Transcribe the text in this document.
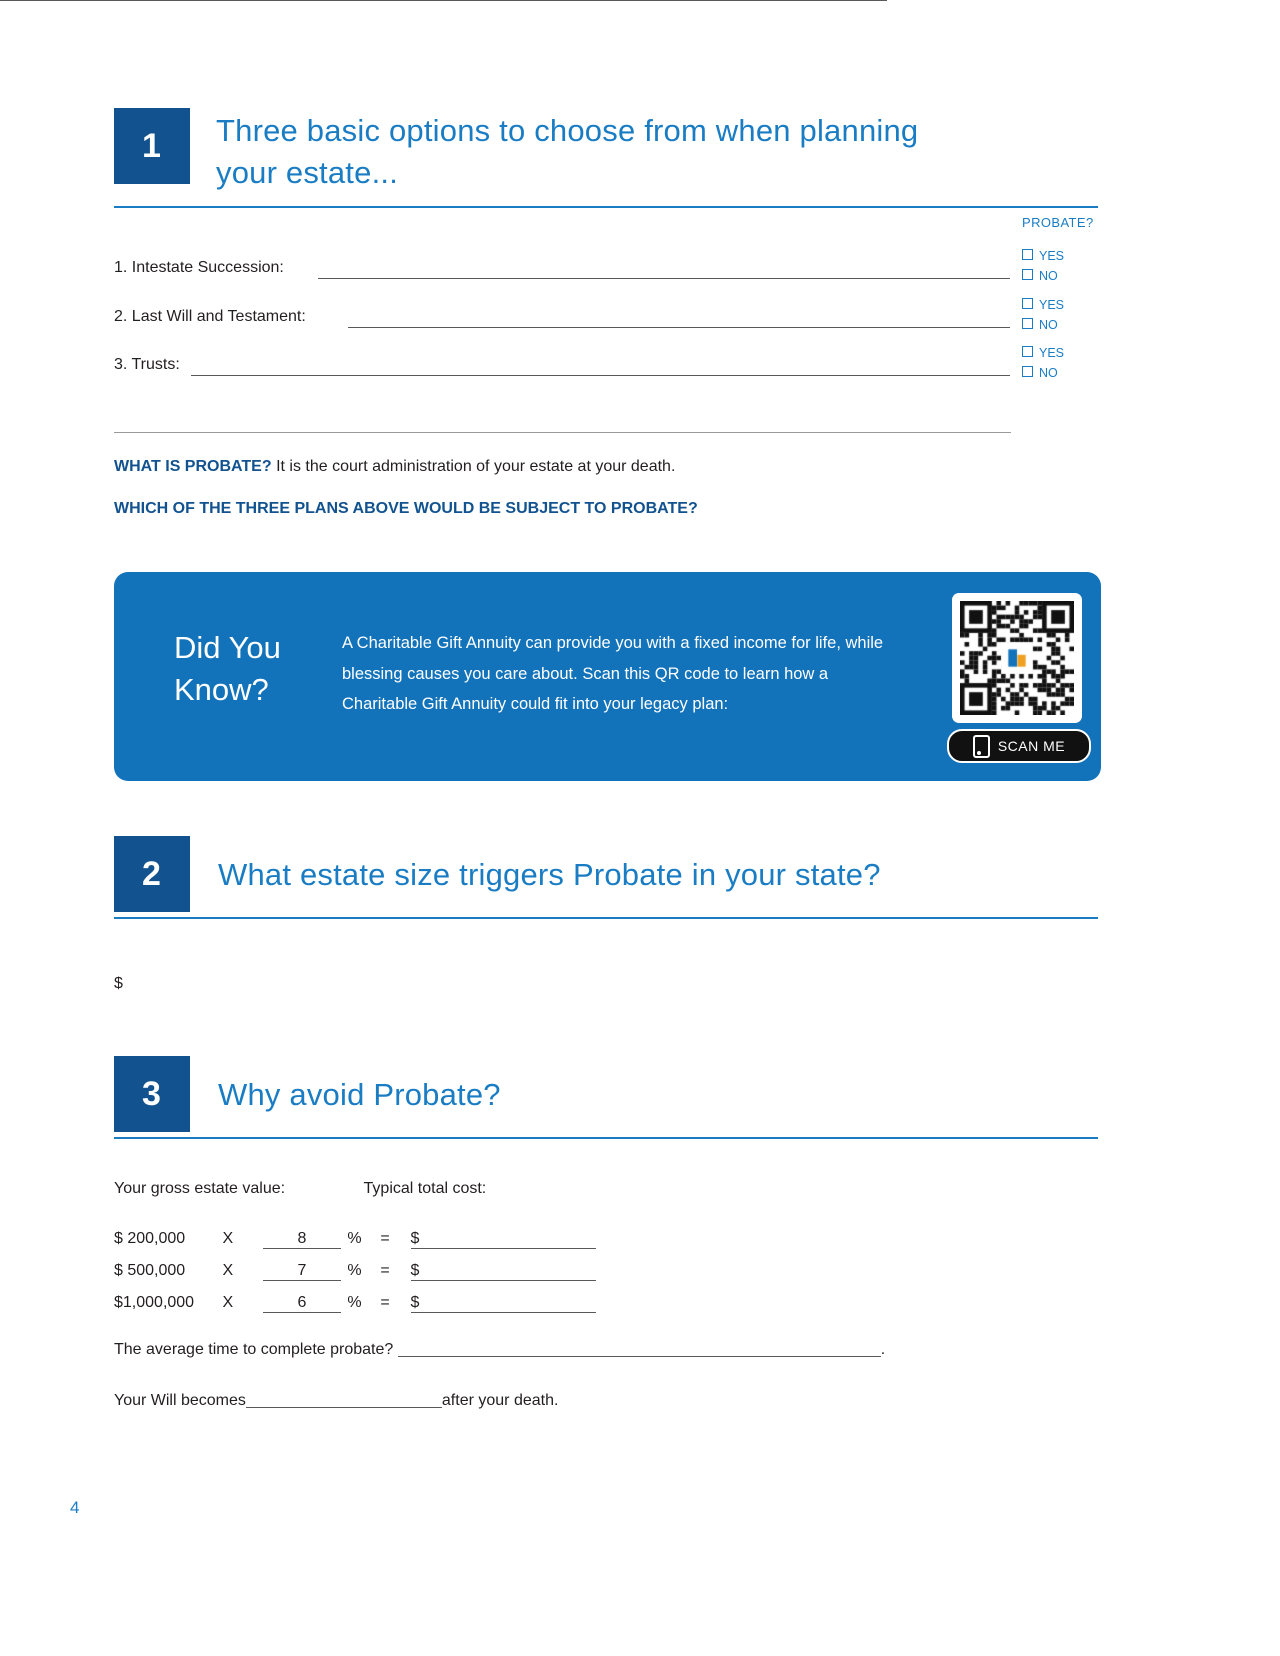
1	Three basic options to choose from when planning your estate...
PROBATE?
1. Intestate Succession:
YES
NO
2. Last Will and Testament:
YES
NO
3. Trusts:
YES
NO
WHAT IS PROBATE? It is the court administration of your estate at your death.
WHICH OF THE THREE PLANS ABOVE WOULD BE SUBJECT TO PROBATE?
Did You Know?
A Charitable Gift Annuity can provide you with a fixed income for life, while blessing causes you care about. Scan this QR code to learn how a Charitable Gift Annuity could fit into your legacy plan:
SCAN ME
2	What estate size triggers Probate in your state?
$
3	Why avoid Probate?
Your gross estate value:	Typical total cost:
$ 200,000 X	8	% = $
$ 500,000 X	7	% = $
$1,000,000 X	6	% = $
The average time to complete probate?	.
Your Will becomes	after your death.
4
